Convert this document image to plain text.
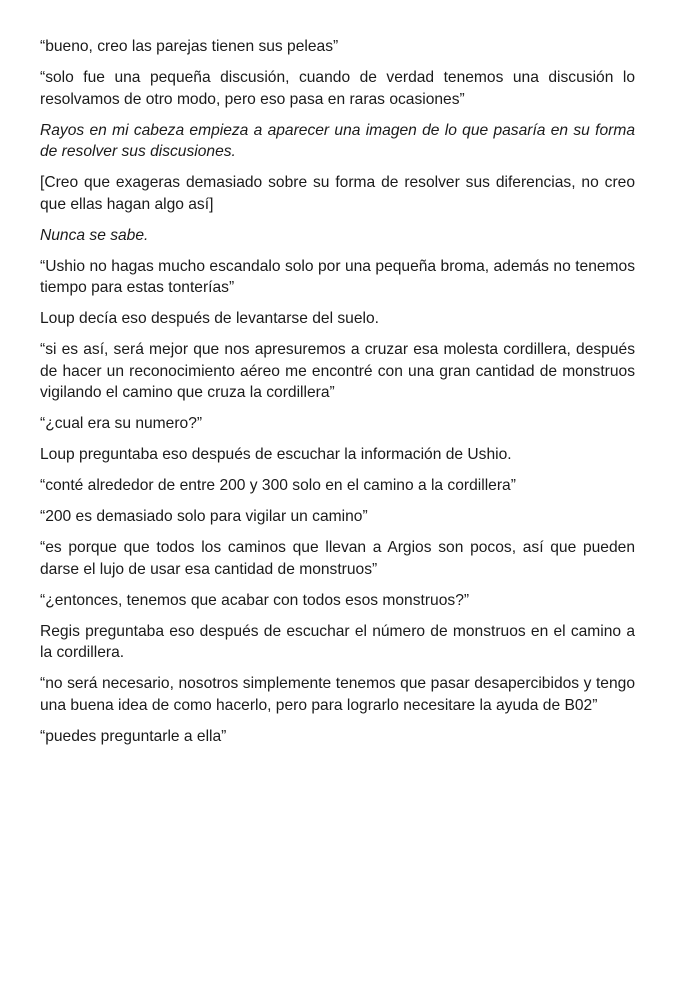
“bueno, creo las parejas tienen sus peleas”

“solo fue una pequeña discusión, cuando de verdad tenemos una discusión lo resolvamos de otro modo, pero eso pasa en raras ocasiones”

Rayos en mi cabeza empieza a aparecer una imagen de lo que pasaría en su forma de resolver sus discusiones.

[Creo que exageras demasiado sobre su forma de resolver sus diferencias, no creo que ellas hagan algo así]

Nunca se sabe.

“Ushio no hagas mucho escandalo solo por una pequeña broma, además no tenemos tiempo para estas tonterías”

Loup decía eso después de levantarse del suelo.

“si es así, será mejor que nos apresuremos a cruzar esa molesta cordillera, después de hacer un reconocimiento aéreo me encontré con una gran cantidad de monstruos vigilando el camino que cruza la cordillera”

“¿cual era su numero?”

Loup preguntaba eso después de escuchar la información de Ushio.

“conté alrededor de entre 200 y 300 solo en el camino a la cordillera”

“200 es demasiado solo para vigilar un camino”

“es porque que todos los caminos que llevan a Argios son pocos, así que pueden darse el lujo de usar esa cantidad de monstruos”

“¿entonces, tenemos que acabar con todos esos monstruos?”

Regis preguntaba eso después de escuchar el número de monstruos en el camino a la cordillera.

“no será necesario, nosotros simplemente tenemos que pasar desapercibidos y tengo una buena idea de como hacerlo, pero para lograrlo necesitare la ayuda de B02”

“puedes preguntarle a ella”
